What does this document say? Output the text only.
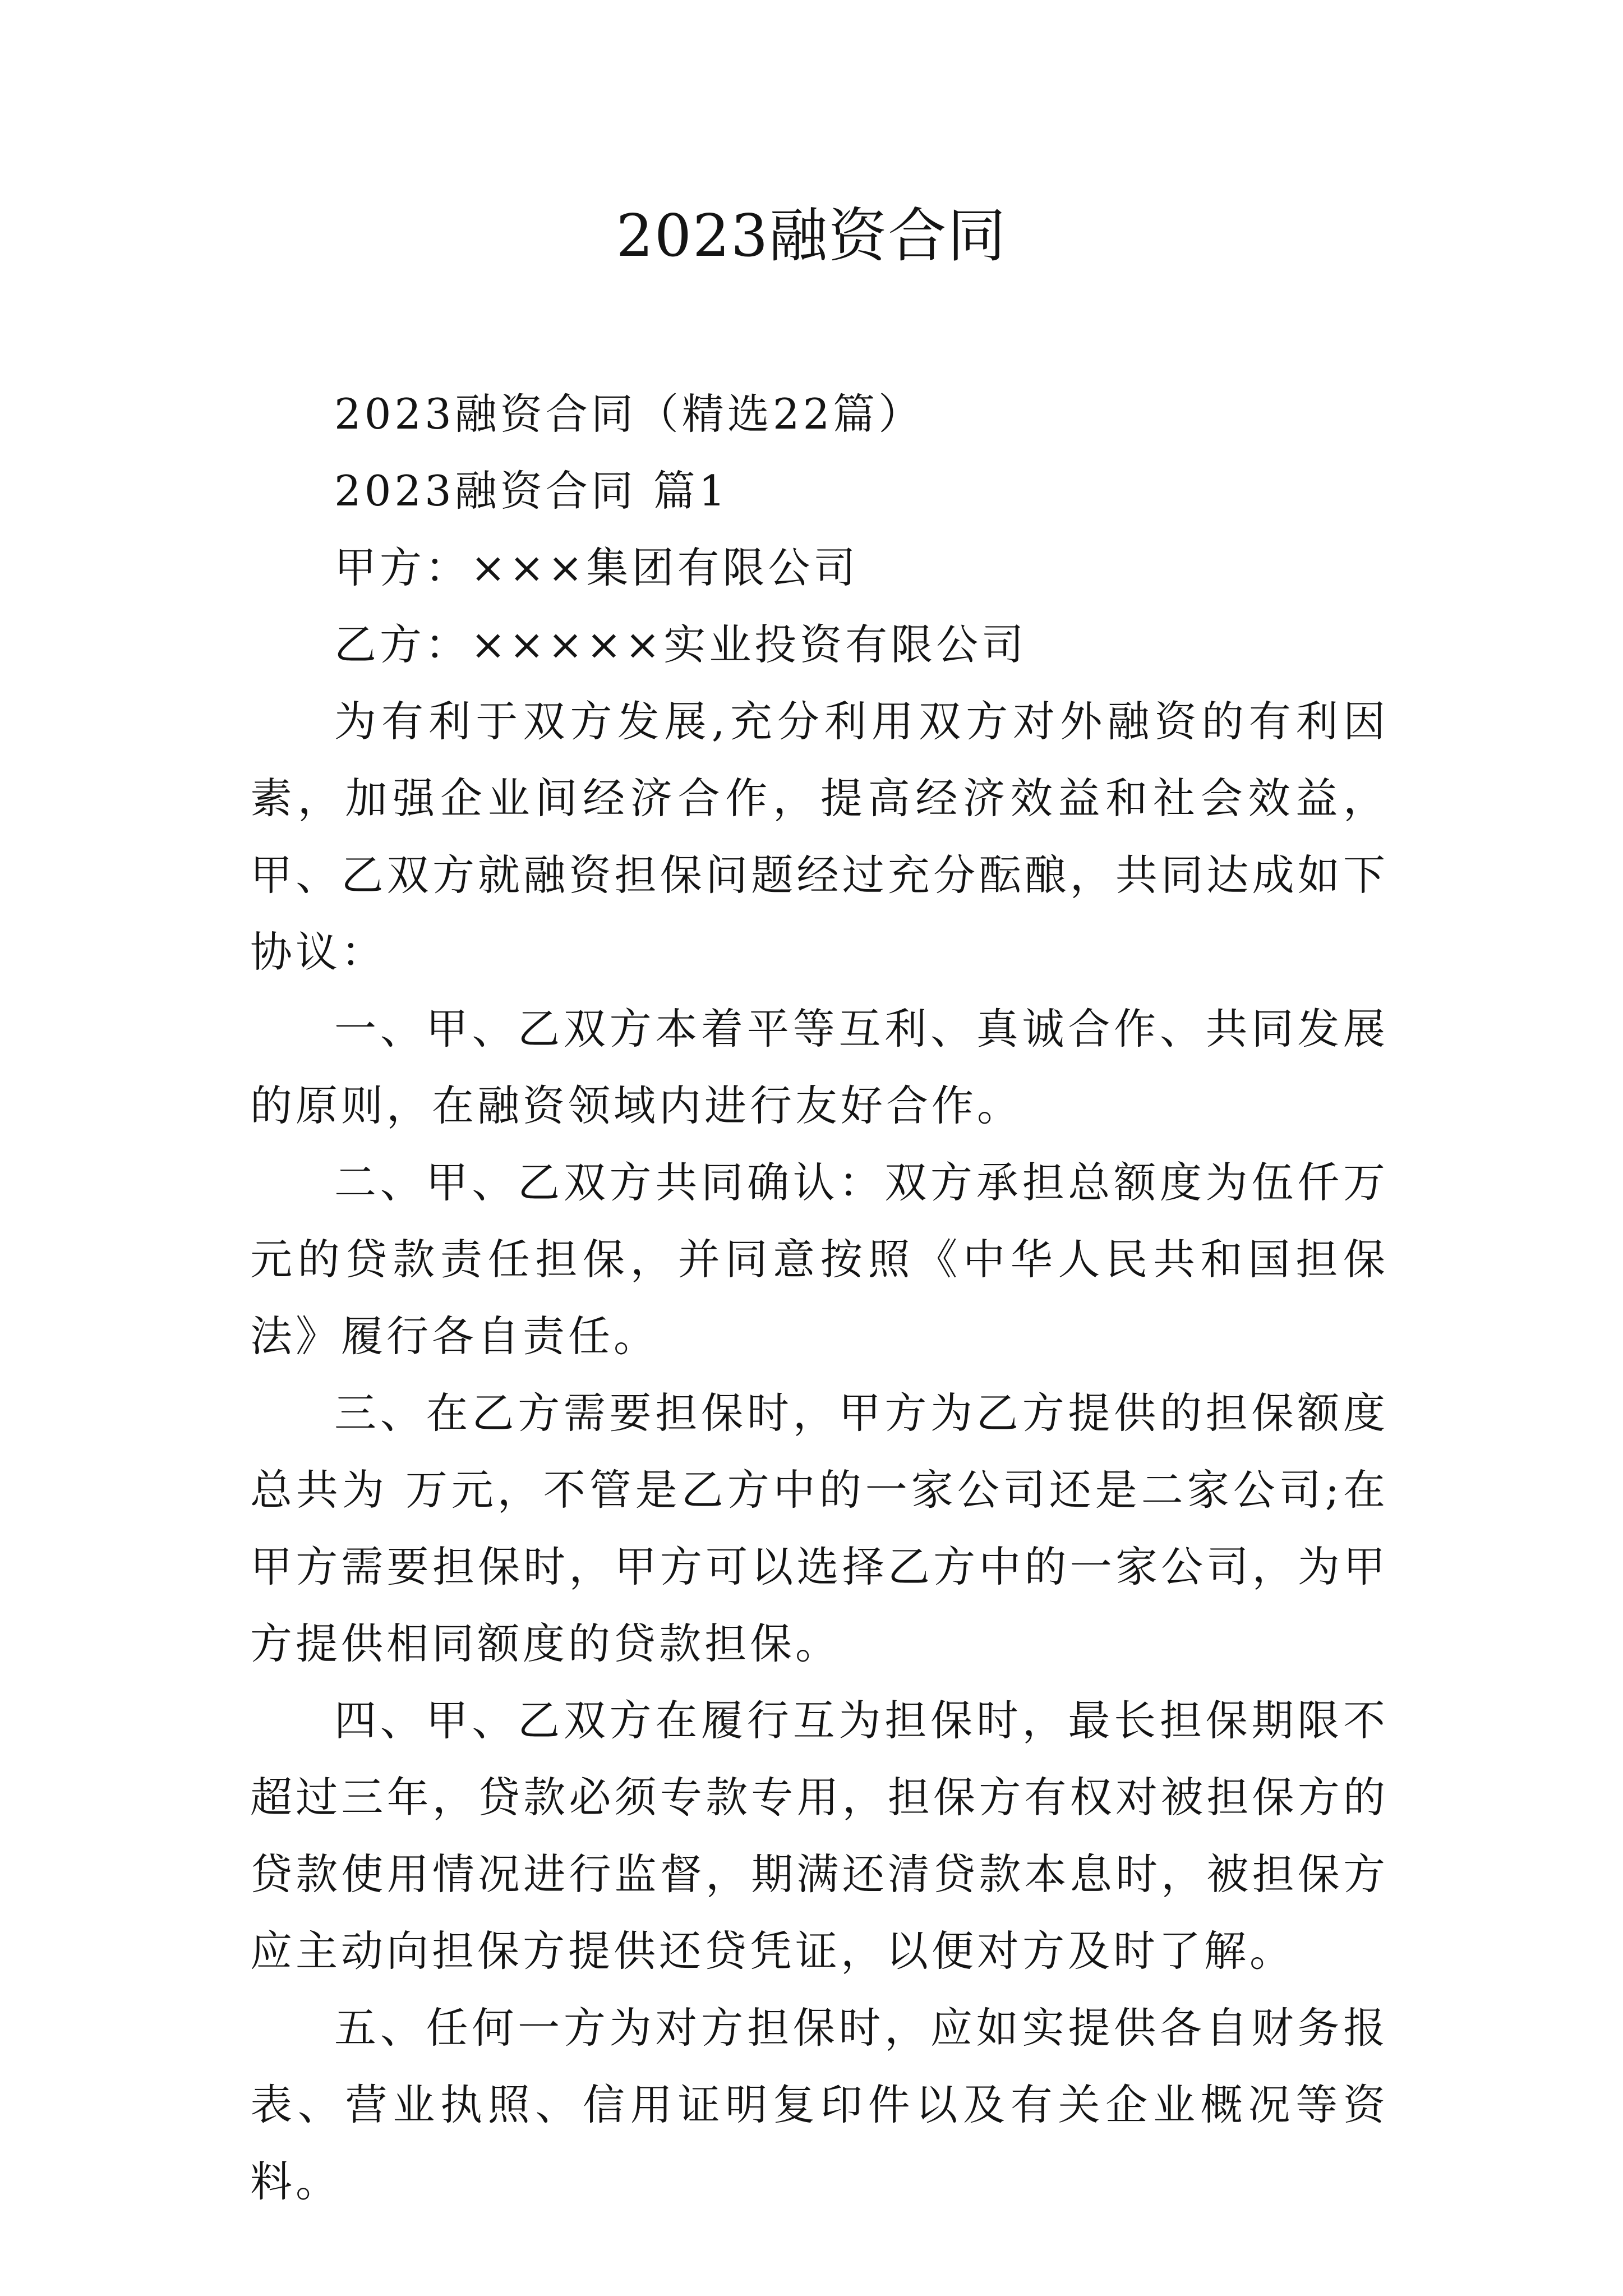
2023融资合同

2023融资合同（精选22篇）

2023融资合同 篇1

甲方：×××集团有限公司

乙方：×××××实业投资有限公司

为有利于双方发展,充分利用双方对外融资的有利因素，加强企业间经济合作，提高经济效益和社会效益，甲、乙双方就融资担保问题经过充分酝酿，共同达成如下协议：

一、甲、乙双方本着平等互利、真诚合作、共同发展的原则，在融资领域内进行友好合作。

二、甲、乙双方共同确认：双方承担总额度为伍仟万元的贷款责任担保，并同意按照《中华人民共和国担保法》履行各自责任。

三、在乙方需要担保时，甲方为乙方提供的担保额度总共为 万元，不管是乙方中的一家公司还是二家公司;在甲方需要担保时，甲方可以选择乙方中的一家公司，为甲方提供相同额度的贷款担保。

四、甲、乙双方在履行互为担保时，最长担保期限不超过三年，贷款必须专款专用，担保方有权对被担保方的贷款使用情况进行监督，期满还清贷款本息时，被担保方应主动向担保方提供还贷凭证，以便对方及时了解。

五、任何一方为对方担保时，应如实提供各自财务报表、营业执照、信用证明复印件以及有关企业概况等资料。
